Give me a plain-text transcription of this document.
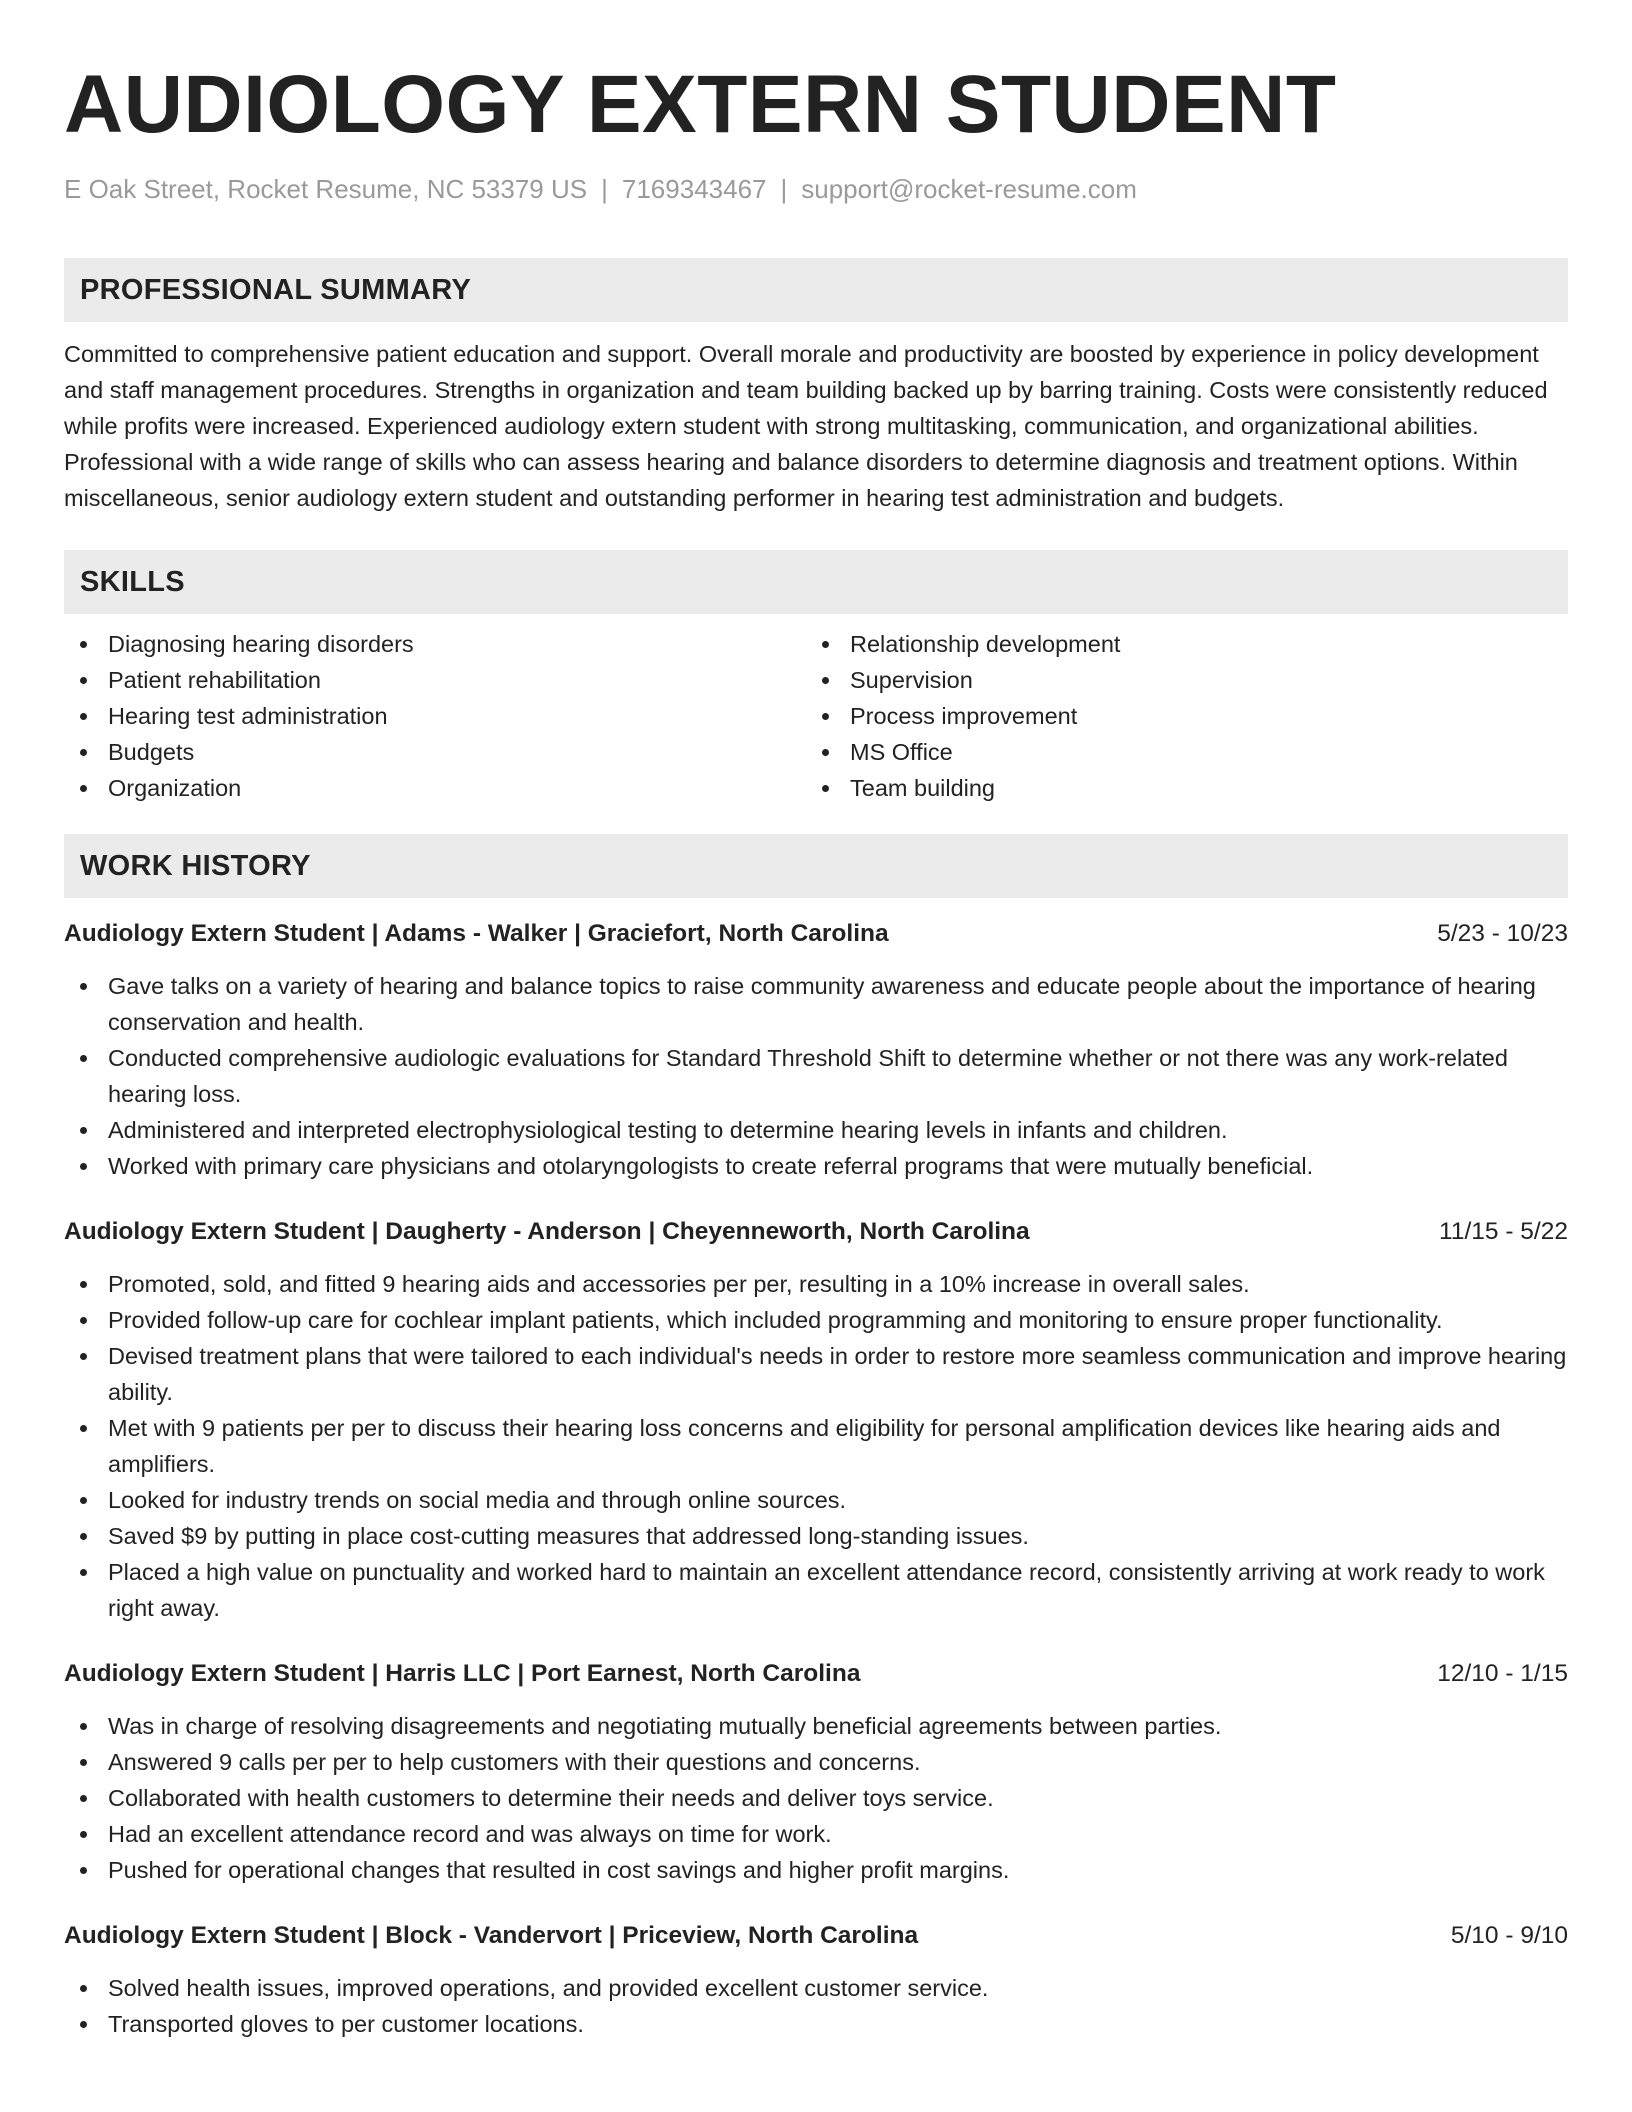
AUDIOLOGY EXTERN STUDENT
E Oak Street, Rocket Resume, NC 53379 US | 7169343467 | support@rocket-resume.com
PROFESSIONAL SUMMARY
Committed to comprehensive patient education and support. Overall morale and productivity are boosted by experience in policy development and staff management procedures. Strengths in organization and team building backed up by barring training. Costs were consistently reduced while profits were increased. Experienced audiology extern student with strong multitasking, communication, and organizational abilities. Professional with a wide range of skills who can assess hearing and balance disorders to determine diagnosis and treatment options. Within miscellaneous, senior audiology extern student and outstanding performer in hearing test administration and budgets.
SKILLS
Diagnosing hearing disorders
Patient rehabilitation
Hearing test administration
Budgets
Organization
Relationship development
Supervision
Process improvement
MS Office
Team building
WORK HISTORY
Audiology Extern Student | Adams - Walker | Graciefort, North Carolina	5/23 - 10/23
Gave talks on a variety of hearing and balance topics to raise community awareness and educate people about the importance of hearing conservation and health.
Conducted comprehensive audiologic evaluations for Standard Threshold Shift to determine whether or not there was any work-related hearing loss.
Administered and interpreted electrophysiological testing to determine hearing levels in infants and children.
Worked with primary care physicians and otolaryngologists to create referral programs that were mutually beneficial.
Audiology Extern Student | Daugherty - Anderson | Cheyenneworth, North Carolina	11/15 - 5/22
Promoted, sold, and fitted 9 hearing aids and accessories per per, resulting in a 10% increase in overall sales.
Provided follow-up care for cochlear implant patients, which included programming and monitoring to ensure proper functionality.
Devised treatment plans that were tailored to each individual's needs in order to restore more seamless communication and improve hearing ability.
Met with 9 patients per per to discuss their hearing loss concerns and eligibility for personal amplification devices like hearing aids and amplifiers.
Looked for industry trends on social media and through online sources.
Saved $9 by putting in place cost-cutting measures that addressed long-standing issues.
Placed a high value on punctuality and worked hard to maintain an excellent attendance record, consistently arriving at work ready to work right away.
Audiology Extern Student | Harris LLC | Port Earnest, North Carolina	12/10 - 1/15
Was in charge of resolving disagreements and negotiating mutually beneficial agreements between parties.
Answered 9 calls per per to help customers with their questions and concerns.
Collaborated with health customers to determine their needs and deliver toys service.
Had an excellent attendance record and was always on time for work.
Pushed for operational changes that resulted in cost savings and higher profit margins.
Audiology Extern Student | Block - Vandervort | Priceview, North Carolina	5/10 - 9/10
Solved health issues, improved operations, and provided excellent customer service.
Transported gloves to per customer locations.
